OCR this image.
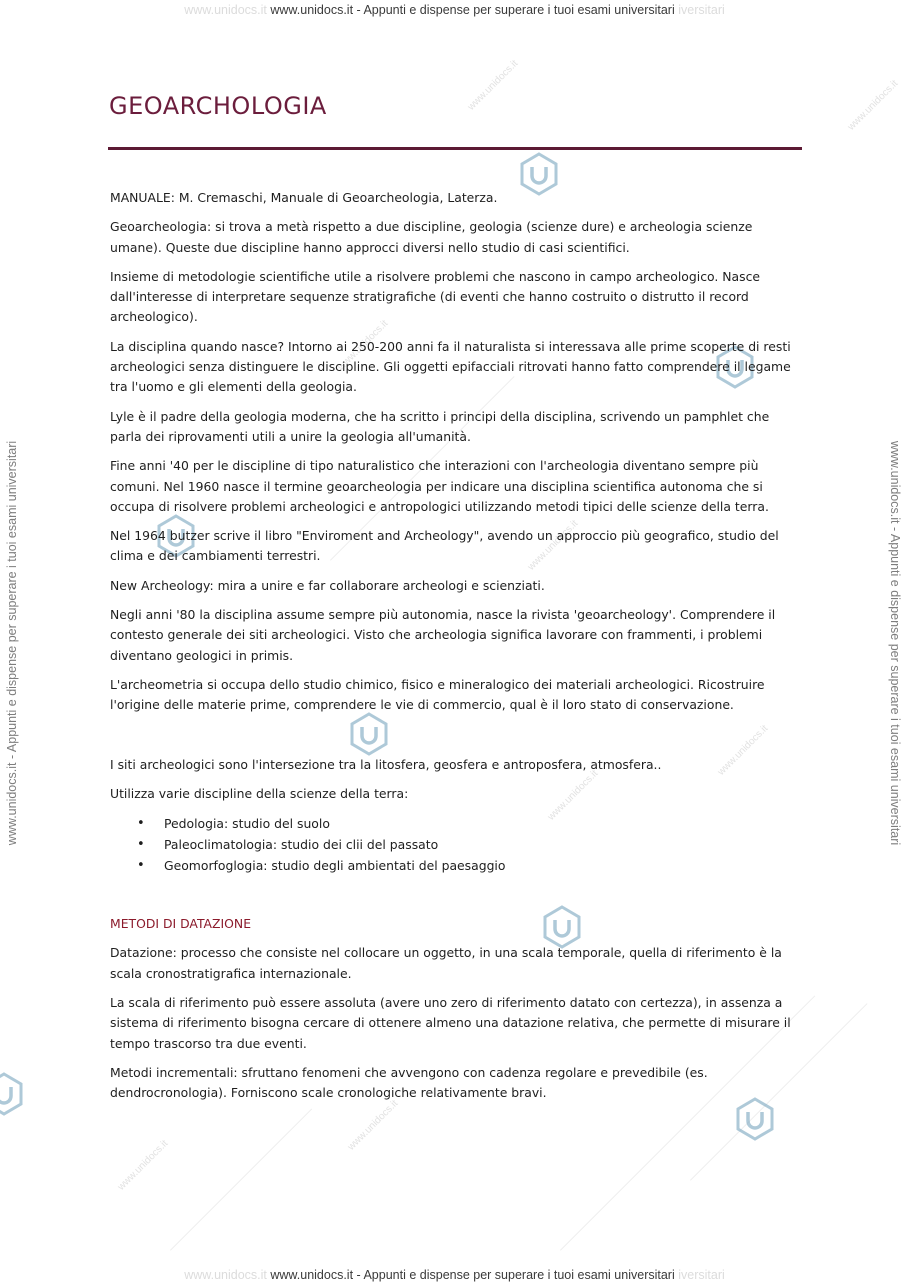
www.unidocs.it www.unidocs.it - Appunti e dispense per superare i tuoi esami universitari iversitari
www.unidocs.it www.unidocs.it - Appunti e dispense per superare i tuoi esami universitari iversitari
www.unidocs.it - Appunti e dispense per superare i tuoi esami universitari	www.unidocs.it - Appunti e dispense per superare i tuoi esami universitari
www.unidocs.it
www.unidocs.it
www.unidocs.it
www.unidocs.it
www.unidocs.it
www.unidocs.it
www.unidocs.it
www.unidocs.it
GEOARCHOLOGIA

MANUALE: M. Cremaschi, Manuale di Geoarcheologia, Laterza.

Geoarcheologia: si trova a metà rispetto a due discipline, geologia (scienze dure) e archeologia scienze umane). Queste due discipline hanno approcci diversi nello studio di casi scientifici.

Insieme di metodologie scientifiche utile a risolvere problemi che nascono in campo archeologico. Nasce dall'interesse di interpretare sequenze stratigrafiche (di eventi che hanno costruito o distrutto il record archeologico).

La disciplina quando nasce? Intorno ai 250-200 anni fa il naturalista si interessava alle prime scoperte di resti archeologici senza distinguere le discipline. Gli oggetti epifacciali ritrovati hanno fatto comprendere il legame tra l'uomo e gli elementi della geologia.

Lyle è il padre della geologia moderna, che ha scritto i principi della disciplina, scrivendo un pamphlet che parla dei riprovamenti utili a unire la geologia all'umanità.

Fine anni '40 per le discipline di tipo naturalistico che interazioni con l'archeologia diventano sempre più comuni. Nel 1960 nasce il termine geoarcheologia per indicare una disciplina scientifica autonoma che si occupa di risolvere problemi archeologici e antropologici utilizzando metodi tipici delle scienze della terra.

Nel 1964 butzer scrive il libro "Enviroment and Archeology", avendo un approccio più geografico, studio del clima e dei cambiamenti terrestri.

New Archeology: mira a unire e far collaborare archeologi e scienziati.

Negli anni '80 la disciplina assume sempre più autonomia, nasce la rivista 'geoarcheology'. Comprendere il contesto generale dei siti archeologici. Visto che archeologia significa lavorare con frammenti, i problemi diventano geologici in primis.

L'archeometria si occupa dello studio chimico, fisico e mineralogico dei materiali archeologici. Ricostruire l'origine delle materie prime, comprendere le vie di commercio, qual è il loro stato di conservazione.

I siti archeologici sono l'intersezione tra la litosfera, geosfera e antroposfera, atmosfera..

Utilizza varie discipline della scienze della terra:

• Pedologia: studio del suolo
• Paleoclimatologia: studio dei clii del passato
• Geomorfoglogia: studio degli ambientati del paesaggio
METODI DI DATAZIONE

Datazione: processo che consiste nel collocare un oggetto, in una scala temporale, quella di riferimento è la scala cronostratigrafica internazionale.

La scala di riferimento può essere assoluta (avere uno zero di riferimento datato con certezza), in assenza a sistema di riferimento bisogna cercare di ottenere almeno una datazione relativa, che permette di misurare il tempo trascorso tra due eventi.

Metodi incrementali: sfruttano fenomeni che avvengono con cadenza regolare e prevedibile (es. dendrocronologia). Forniscono scale cronologiche relativamente bravi.
